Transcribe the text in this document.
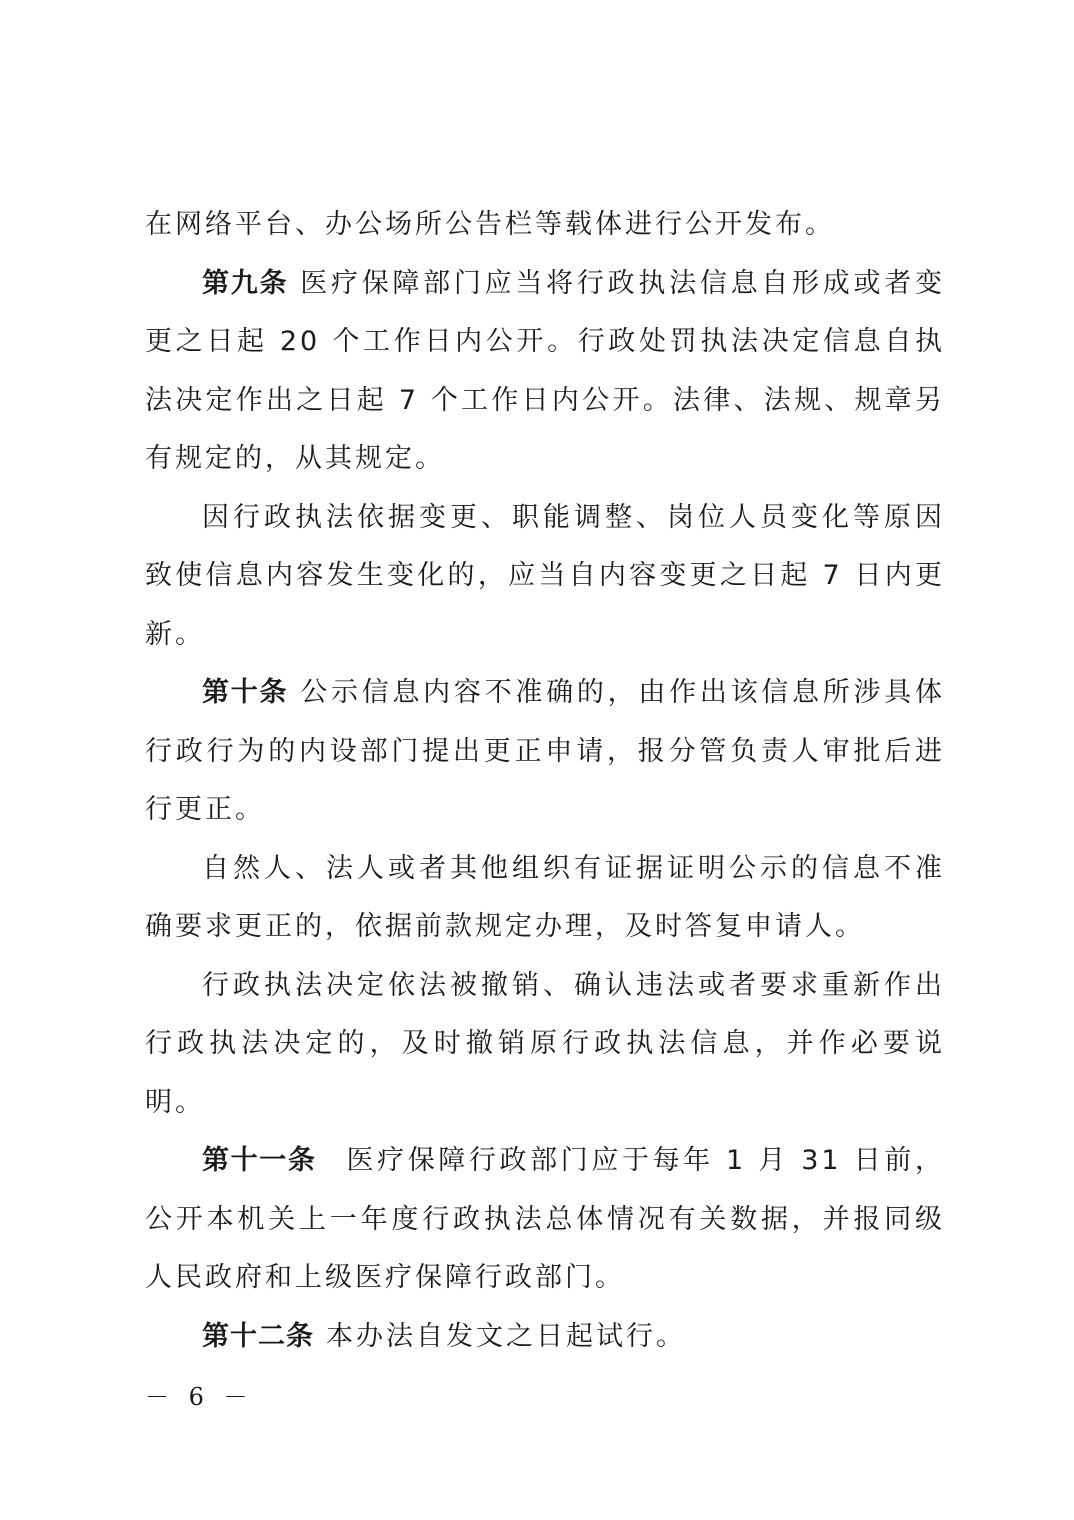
在网络平台、办公场所公告栏等载体进行公开发布。

第九条 医疗保障部门应当将行政执法信息自形成或者变更之日起 20 个工作日内公开。行政处罚执法决定信息自执法决定作出之日起 7 个工作日内公开。法律、法规、规章另有规定的，从其规定。

因行政执法依据变更、职能调整、岗位人员变化等原因致使信息内容发生变化的，应当自内容变更之日起 7 日内更新。

第十条 公示信息内容不准确的，由作出该信息所涉具体行政行为的内设部门提出更正申请，报分管负责人审批后进行更正。

自然人、法人或者其他组织有证据证明公示的信息不准确要求更正的，依据前款规定办理，及时答复申请人。

行政执法决定依法被撤销、确认违法或者要求重新作出行政执法决定的，及时撤销原行政执法信息，并作必要说明。

第十一条 医疗保障行政部门应于每年 1 月 31 日前，公开本机关上一年度行政执法总体情况有关数据，并报同级人民政府和上级医疗保障行政部门。

第十二条 本办法自发文之日起试行。

－ 6 －
